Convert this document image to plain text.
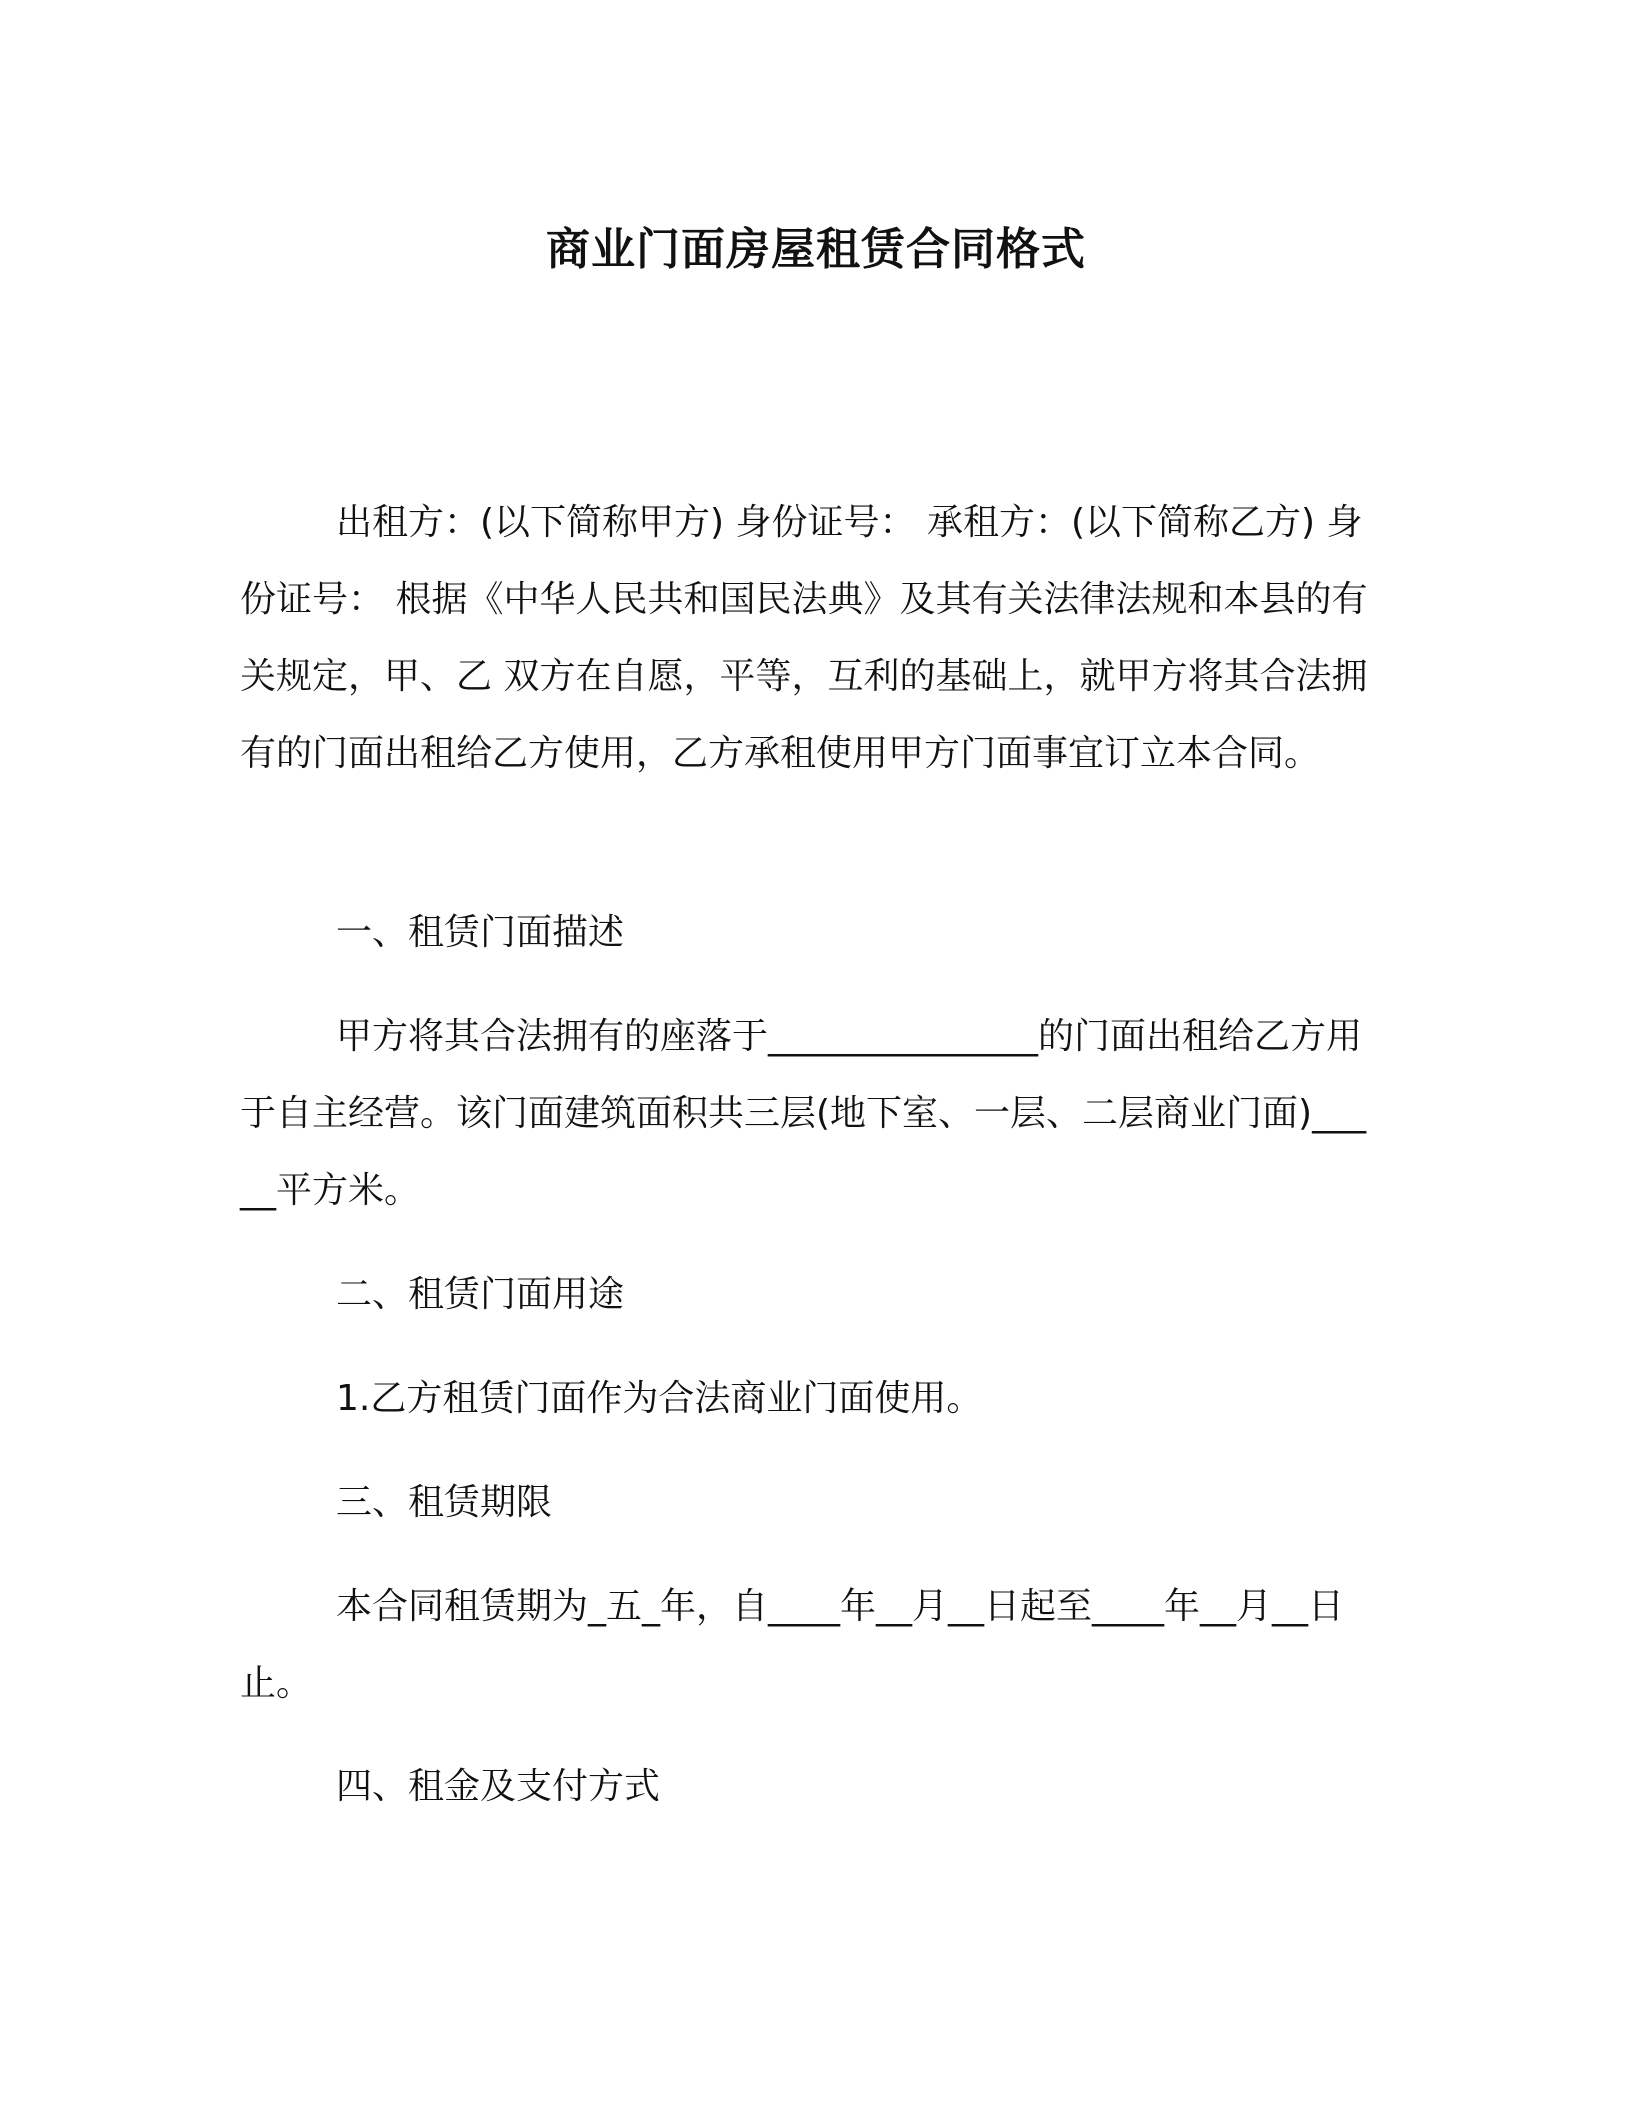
商业门面房屋租赁合同格式

出租方：(以下简称甲方) 身份证号： 承租方：(以下简称乙方) 身份证号： 根据《中华人民共和国民法典》及其有关法律法规和本县的有关规定，甲、乙 双方在自愿，平等，互利的基础上，就甲方将其合法拥有的门面出租给乙方使用，乙方承租使用甲方门面事宜订立本合同。

一、租赁门面描述

甲方将其合法拥有的座落于_______________的门面出租给乙方用于自主经营。该门面建筑面积共三层(地下室、一层、二层商业门面)_____平方米。

二、租赁门面用途

1.乙方租赁门面作为合法商业门面使用。

三、租赁期限

本合同租赁期为_五_年，自____年__月__日起至____年__月__日止。

四、租金及支付方式
